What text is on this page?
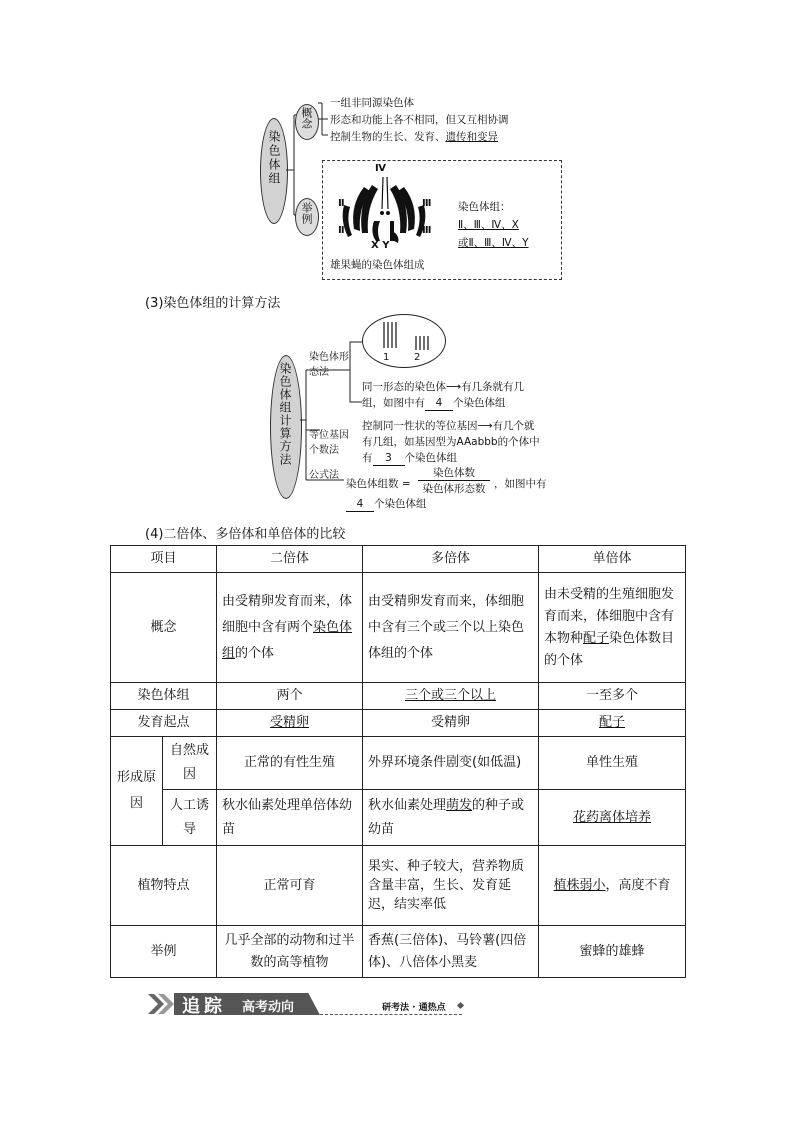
染色体组
概念
一组非同源染色体
形态和功能上各不相同，但又互相协调
控制生物的生长、发育、遗传和变异
举例
Ⅳ
Ⅱ
Ⅱ
Ⅲ
Ⅲ
X Y
染色体组：
Ⅱ、Ⅲ、Ⅳ、X
或Ⅱ、Ⅲ、Ⅳ、Y
雄果蝇的染色体组成
(3)染色体组的计算方法
染色体组计算方法
染色体形态法
1 2
同一形态的染色体⟶有几条就有几
组，如图中有 4 个染色体组
等位基因个数法
控制同一性状的等位基因⟶有几个就
有几组，如基因型为AAabbb的个体中
有 3 个染色体组
公式法
染色体组数 =
染色体数
染色体形态数 ，如图中有
4 个染色体组
(4)二倍体、多倍体和单倍体的比较
项目		二倍体	多倍体	单倍体
概念		由受精卵发育而来，体细胞中含有两个染色体组的个体	由受精卵发育而来，体细胞中含有三个或三个以上染色体组的个体	由未受精的生殖细胞发育而来，体细胞中含有本物种配子染色体数目的个体
染色体组		两个	三个或三个以上	一至多个
发育起点		受精卵	受精卵	配子
形成原因	自然成因	正常的有性生殖	外界环境条件剧变(如低温)	单性生殖
	人工诱导	秋水仙素处理单倍体幼苗	秋水仙素处理萌发的种子或幼苗	花药离体培养
植物特点		正常可育	果实、种子较大，营养物质含量丰富，生长、发育延迟，结实率低	植株弱小，高度不育
举例		几乎全部的动物和过半数的高等植物	香蕉(三倍体)、马铃薯(四倍体)、八倍体小黑麦	蜜蜂的雄蜂
追踪 高考动向	研考法 · 通热点
